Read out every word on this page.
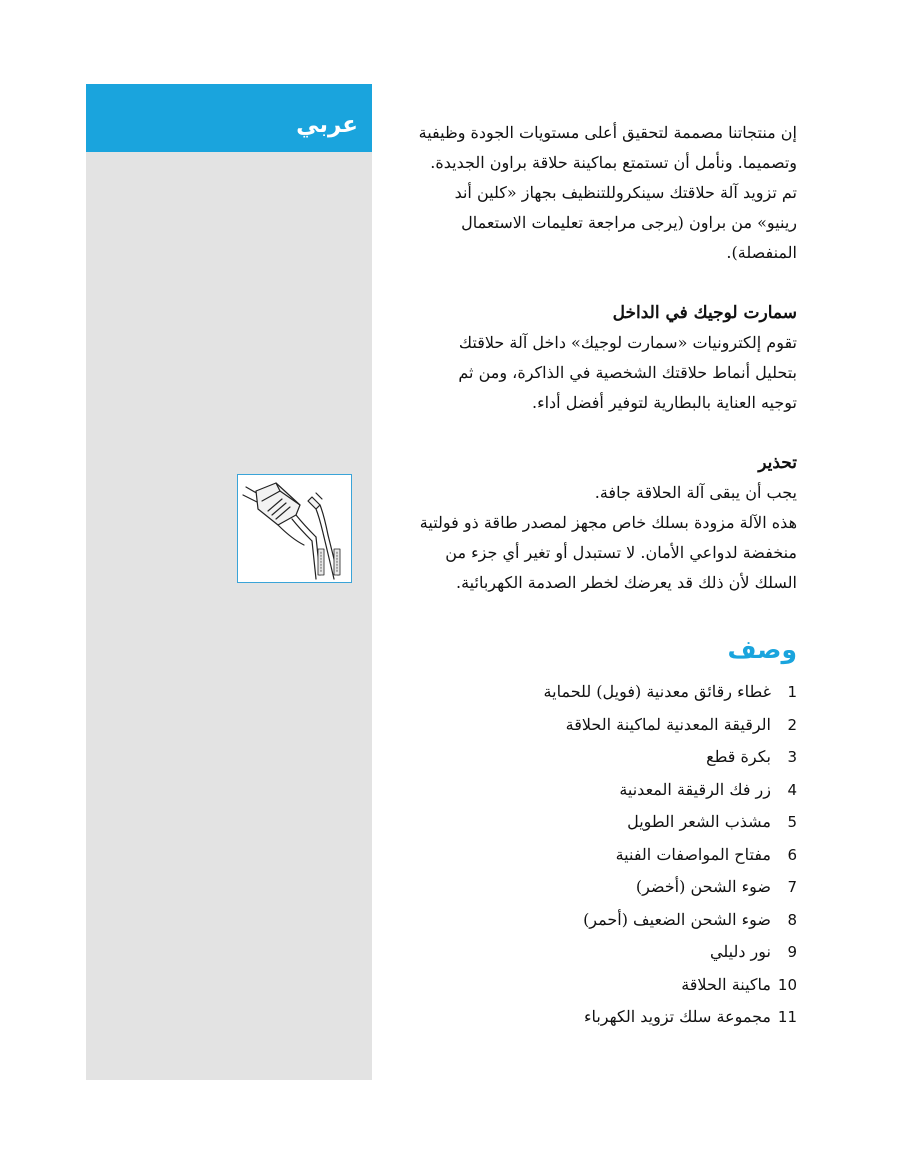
عربي	إن منتجاتنا مصممة لتحقيق أعلى مستويات الجودة وظيفية

وتصميما. ونأمل أن تستمتع بماكينة حلاقة براون الجديدة.

تم تزويد آلة حلاقتك سينكروللتنظيف بجهاز «كلين أند

رينيو» من براون (يرجى مراجعة تعليمات الاستعمال

المنفصلة).

سمارت لوجيك في الداخل

تقوم إلكترونيات «سمارت لوجيك» داخل آلة حلاقتك

بتحليل أنماط حلاقتك الشخصية في الذاكرة، ومن ثم

توجيه العناية بالبطارية لتوفير أفضل أداء.

تحذير

يجب أن يبقى آلة الحلاقة جافة.

هذه الآلة مزودة بسلك خاص مجهز لمصدر طاقة ذو فولتية

منخفضة لدواعي الأمان. لا تستبدل أو تغير أي جزء من

السلك لأن ذلك قد يعرضك لخطر الصدمة الكهربائية.

وصف

1
غطاء رقائق معدنية (فويل) للحماية
2
الرقيقة المعدنية لماكينة الحلاقة
3
بكرة قطع
4
زر فك الرقيقة المعدنية
5
مشذب الشعر الطويل
6
مفتاح المواصفات الفنية
7
ضوء الشحن (أخضر)
8
ضوء الشحن الضعيف (أحمر)
9
نور دليلي
10
ماكينة الحلاقة
11
مجموعة سلك تزويد الكهرباء
